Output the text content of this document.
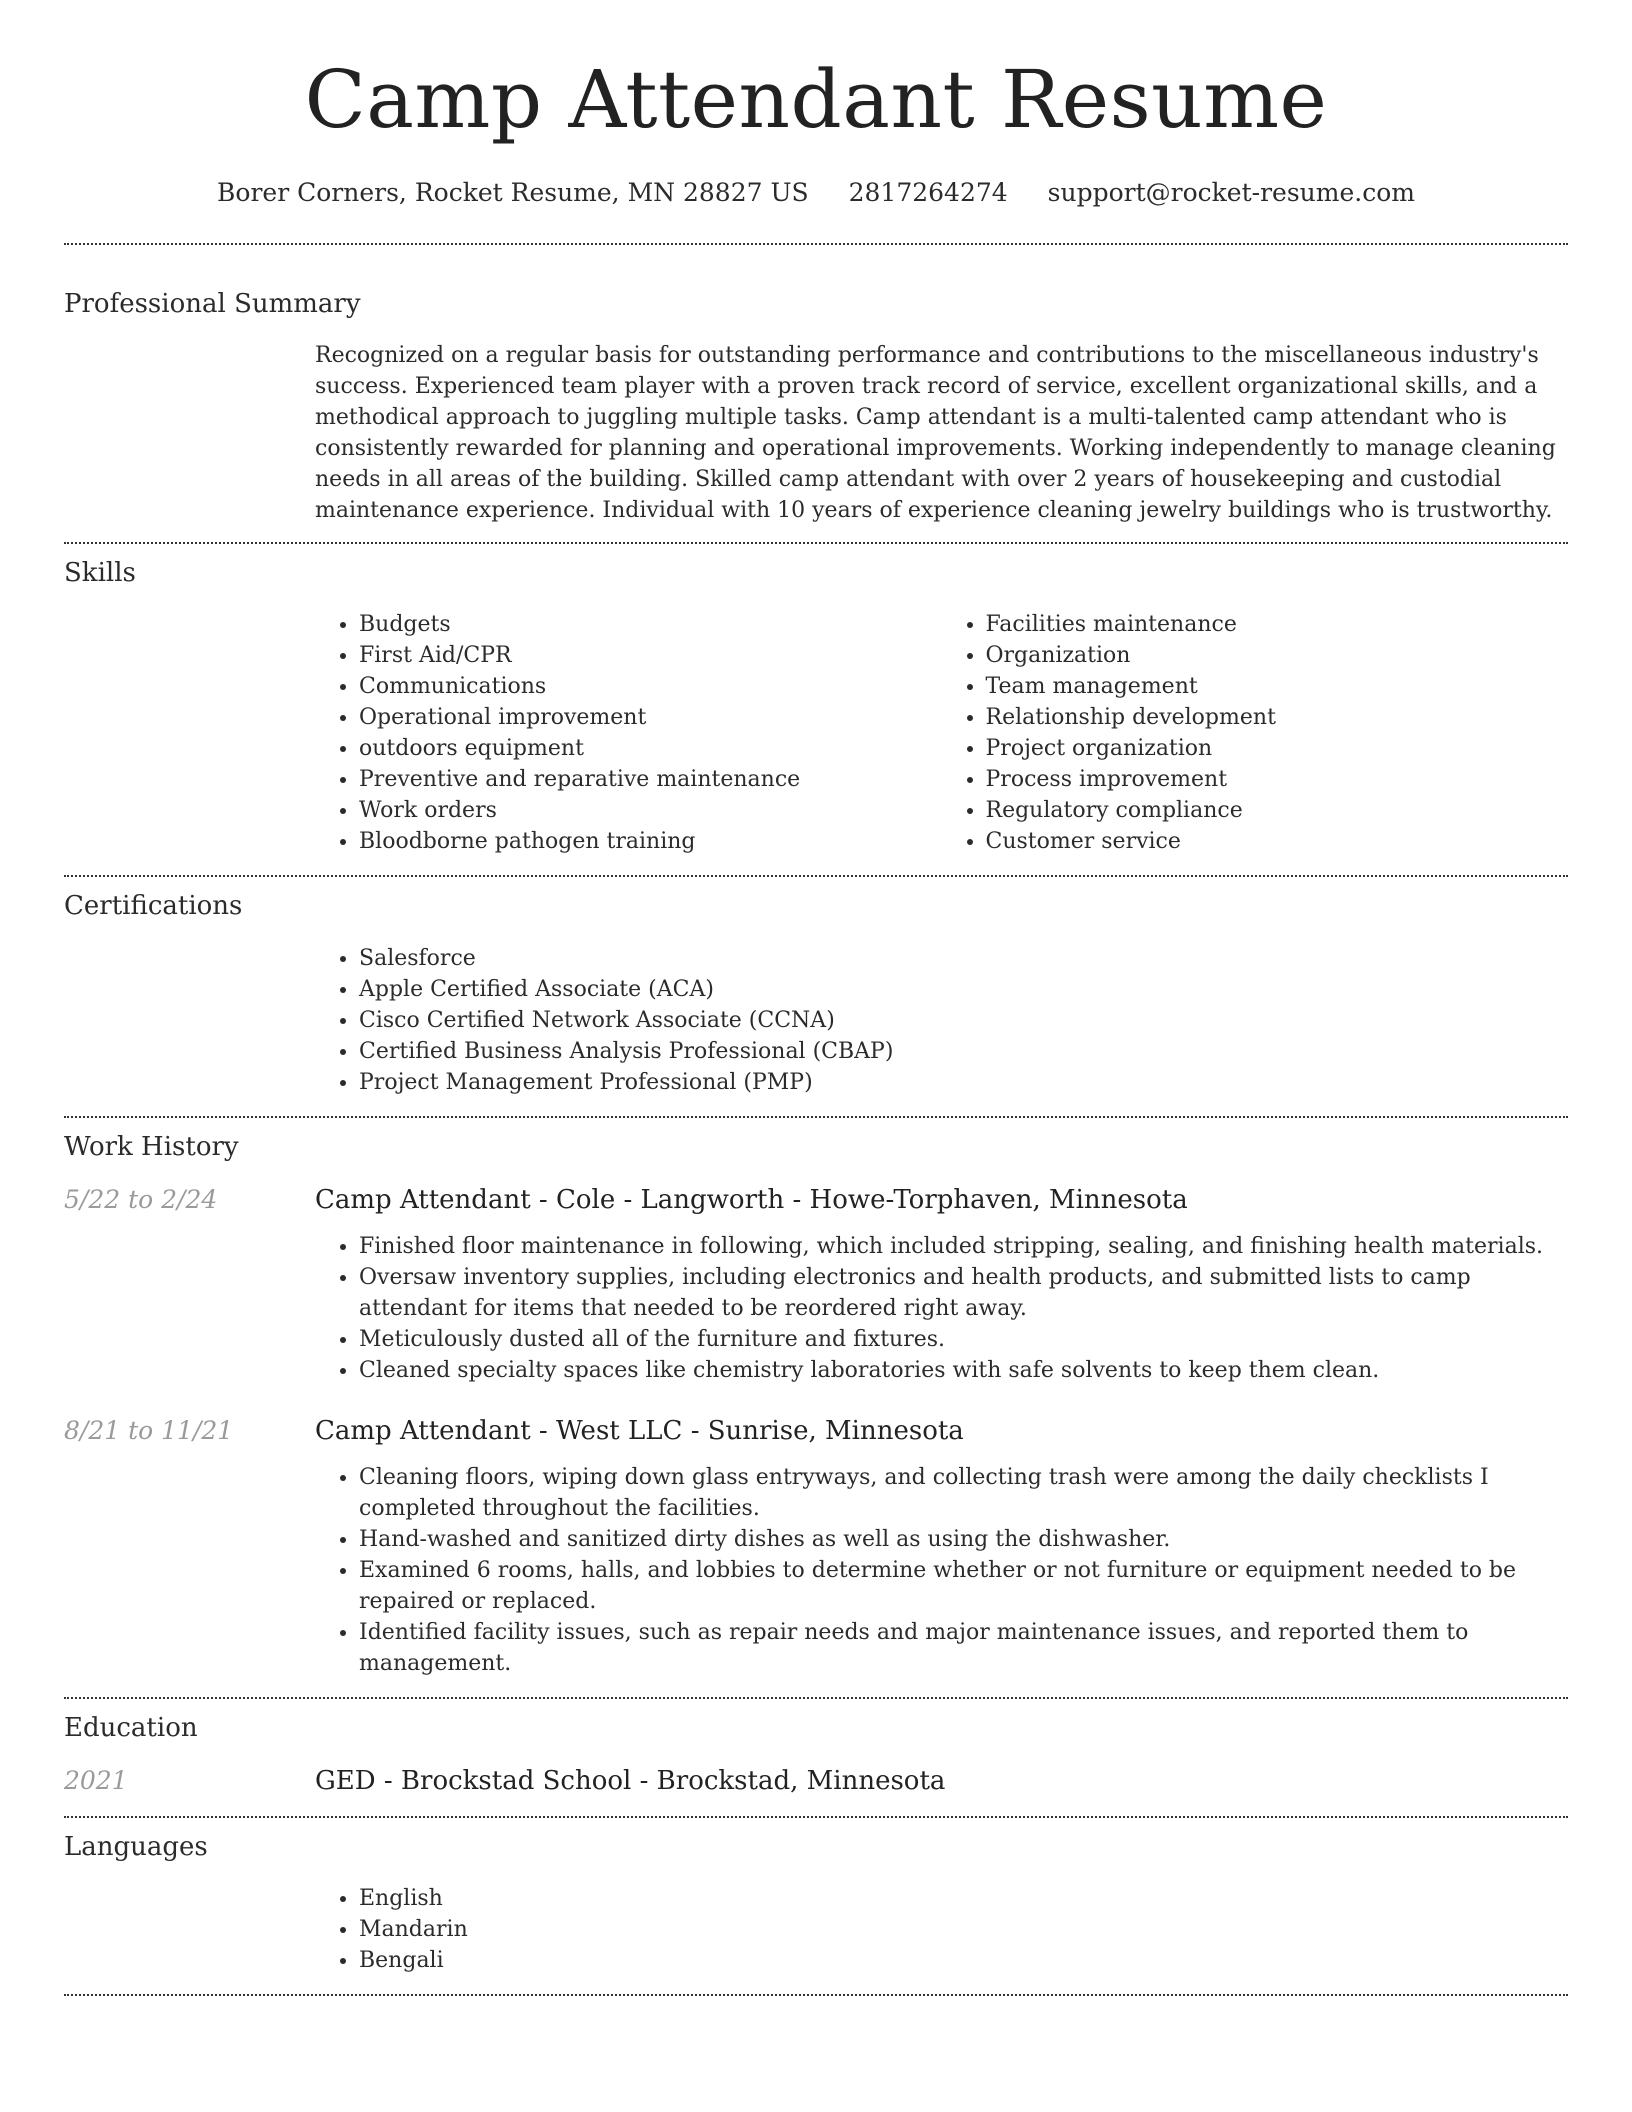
Camp Attendant Resume
Borer Corners, Rocket Resume, MN 28827 US 2817264274 support@rocket-resume.com
Professional Summary
Recognized on a regular basis for outstanding performance and contributions to the miscellaneous industry's success. Experienced team player with a proven track record of service, excellent organizational skills, and a methodical approach to juggling multiple tasks. Camp attendant is a multi-talented camp attendant who is consistently rewarded for planning and operational improvements. Working independently to manage cleaning needs in all areas of the building. Skilled camp attendant with over 2 years of housekeeping and custodial maintenance experience. Individual with 10 years of experience cleaning jewelry buildings who is trustworthy.
Skills
• Budgets
• First Aid/CPR
• Communications
• Operational improvement
• outdoors equipment
• Preventive and reparative maintenance
• Work orders
• Bloodborne pathogen training
• Facilities maintenance
• Organization
• Team management
• Relationship development
• Project organization
• Process improvement
• Regulatory compliance
• Customer service
Certifications
• Salesforce
• Apple Certified Associate (ACA)
• Cisco Certified Network Associate (CCNA)
• Certified Business Analysis Professional (CBAP)
• Project Management Professional (PMP)
Work History
5/22 to 2/24	Camp Attendant - Cole - Langworth - Howe-Torphaven, Minnesota
• Finished floor maintenance in following, which included stripping, sealing, and finishing health materials.
• Oversaw inventory supplies, including electronics and health products, and submitted lists to camp attendant for items that needed to be reordered right away.
• Meticulously dusted all of the furniture and fixtures.
• Cleaned specialty spaces like chemistry laboratories with safe solvents to keep them clean.
8/21 to 11/21	Camp Attendant - West LLC - Sunrise, Minnesota
• Cleaning floors, wiping down glass entryways, and collecting trash were among the daily checklists I completed throughout the facilities.
• Hand-washed and sanitized dirty dishes as well as using the dishwasher.
• Examined 6 rooms, halls, and lobbies to determine whether or not furniture or equipment needed to be repaired or replaced.
• Identified facility issues, such as repair needs and major maintenance issues, and reported them to management.
Education
2021	GED - Brockstad School - Brockstad, Minnesota
Languages
• English
• Mandarin
• Bengali
